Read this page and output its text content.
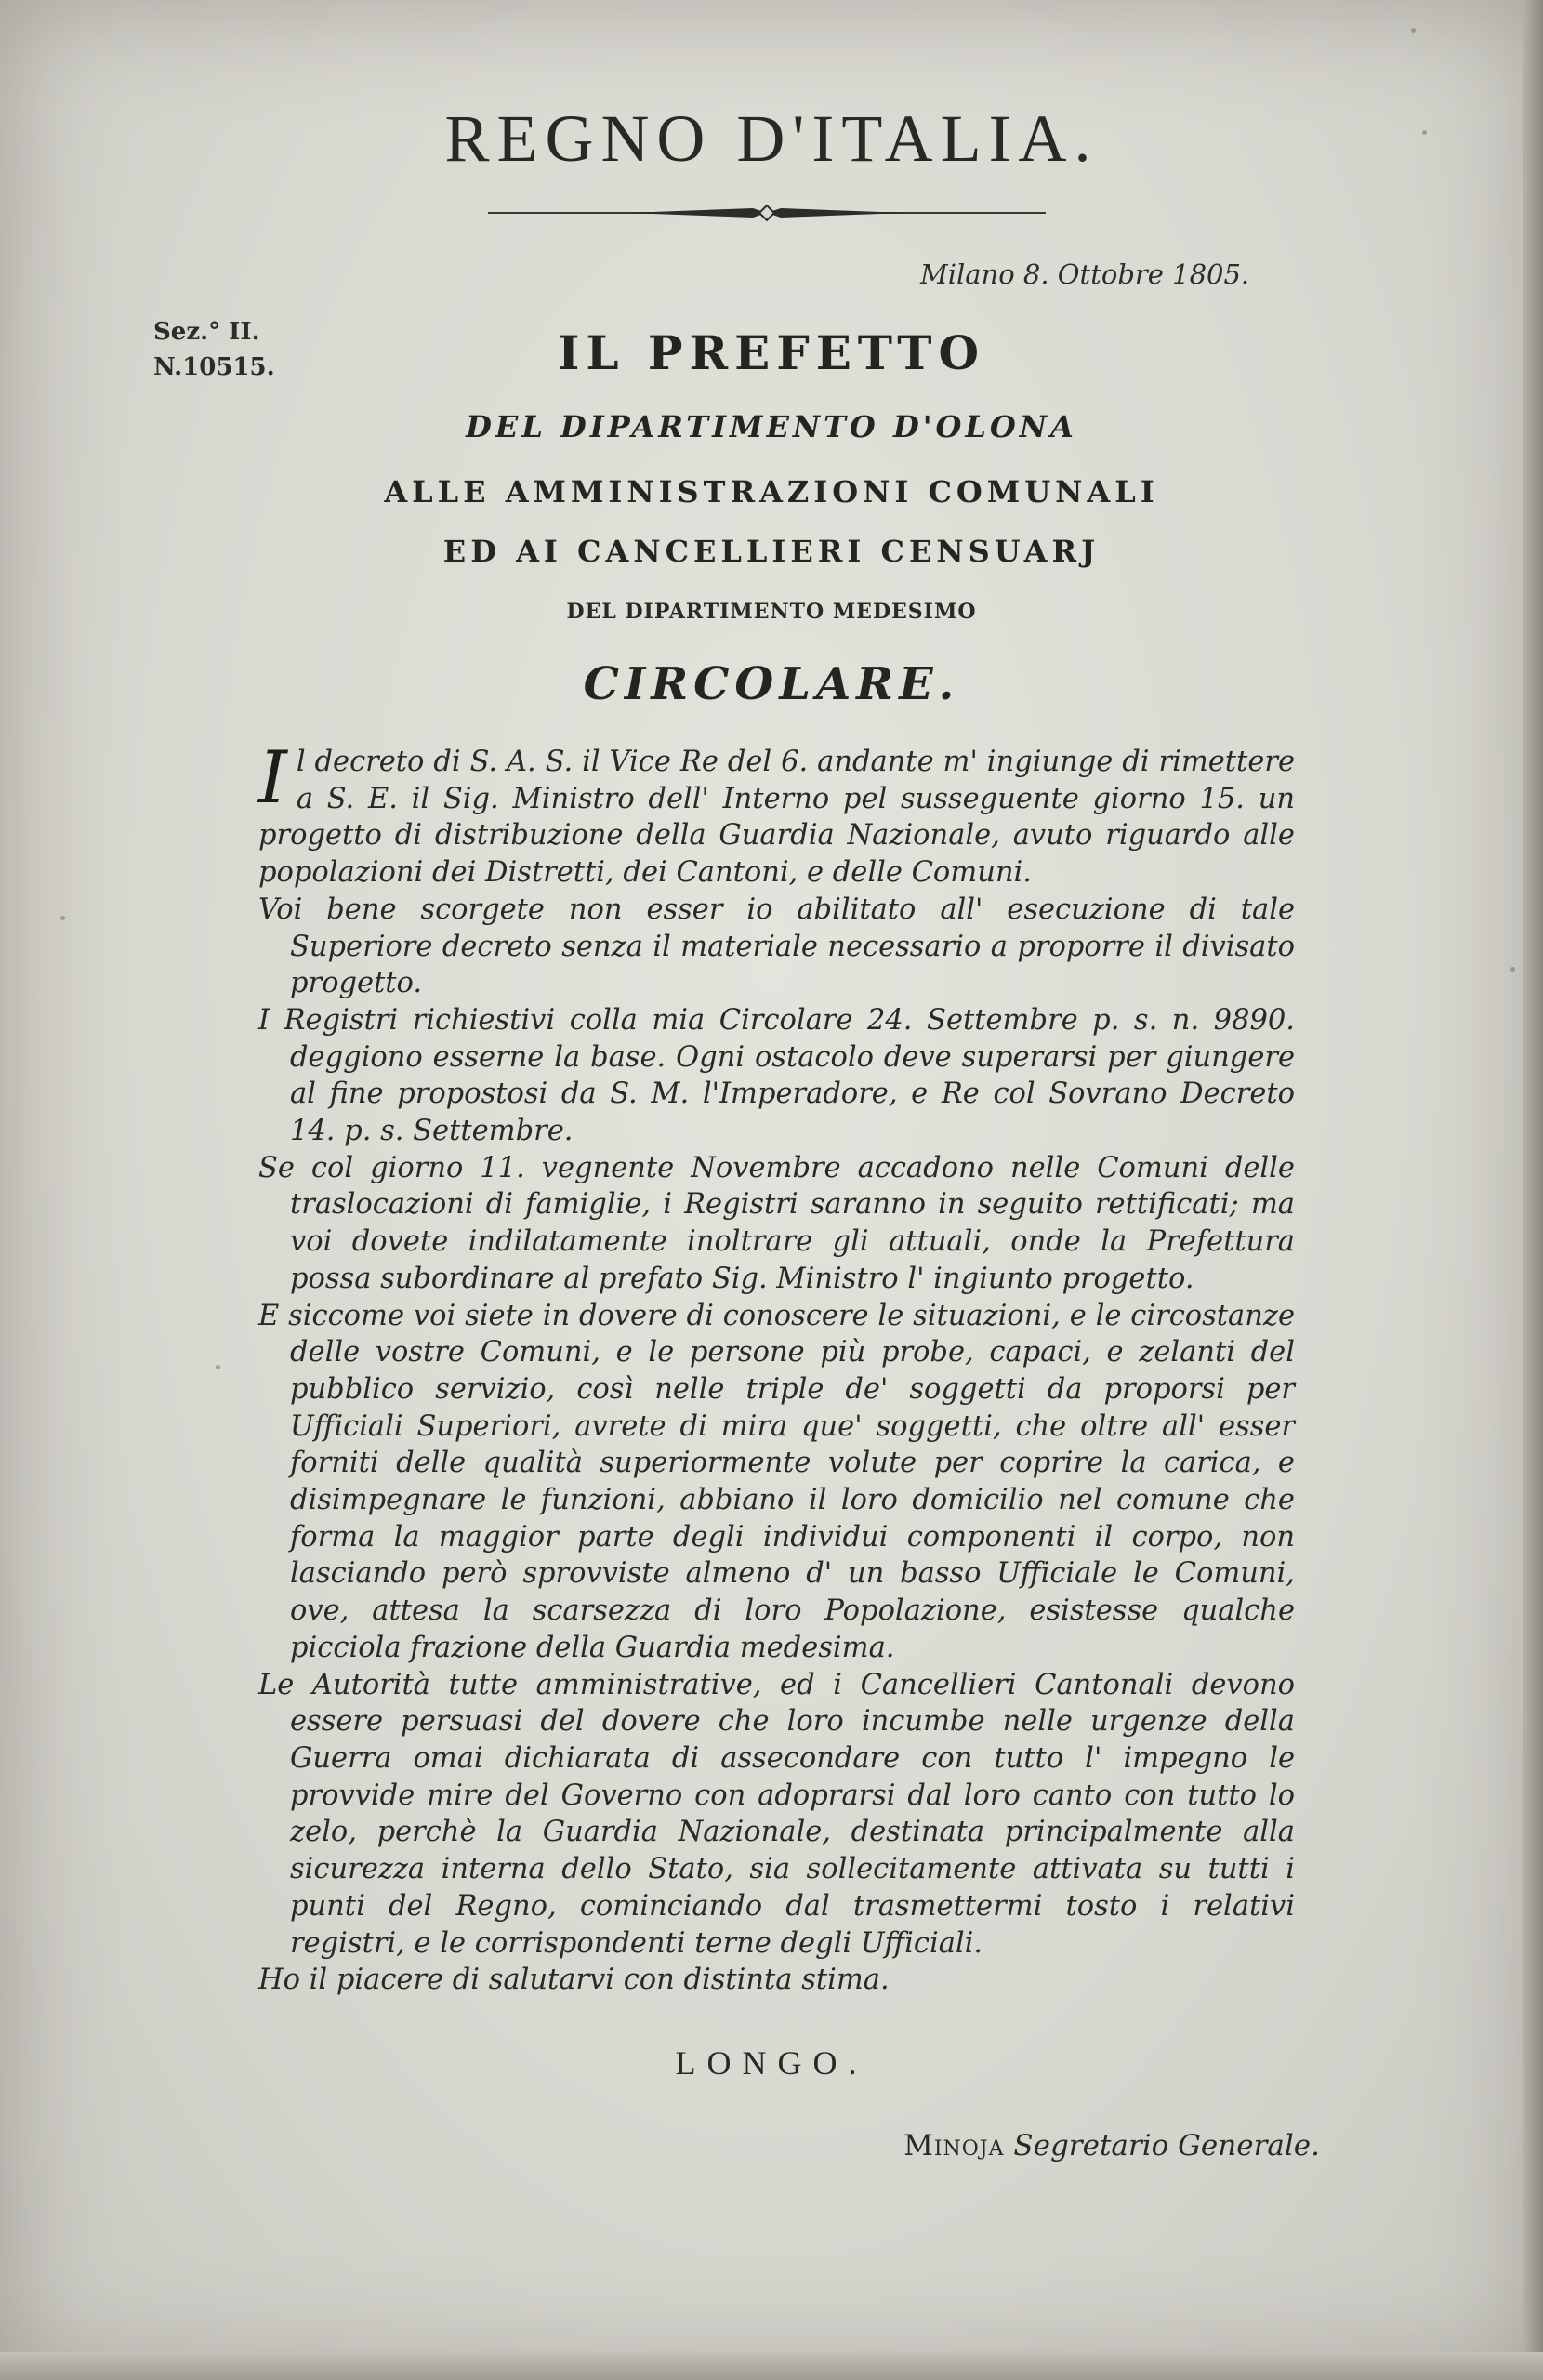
REGNO D'ITALIA.
Milano 8. Ottobre 1805.
Sez.° II.
N.10515.	IL PREFETTO
DEL DIPARTIMENTO D'OLONA
ALLE AMMINISTRAZIONI COMUNALI
ED AI CANCELLIERI CENSUARJ
DEL DIPARTIMENTO MEDESIMO
CIRCOLARE.

Il decreto di S. A. S. il Vice Re del 6. andante m' ingiunge di rimettere a S. E. il Sig. Ministro dell' Interno pel susseguente giorno 15. un progetto di distribuzione della Guardia Nazionale, avuto riguardo alle popolazioni dei Distretti, dei Cantoni, e delle Comuni.

Voi bene scorgete non esser io abilitato all' esecuzione di tale Superiore decreto senza il materiale necessario a proporre il divisato progetto.

I Registri richiestivi colla mia Circolare 24. Settembre p. s. n. 9890. deggiono esserne la base. Ogni ostacolo deve superarsi per giungere al fine propostosi da S. M. l'Imperadore, e Re col Sovrano Decreto 14. p. s. Settembre.

Se col giorno 11. vegnente Novembre accadono nelle Comuni delle traslocazioni di famiglie, i Registri saranno in seguito rettificati; ma voi dovete indilatamente inoltrare gli attuali, onde la Prefettura possa subordinare al prefato Sig. Ministro l' ingiunto progetto.

E siccome voi siete in dovere di conoscere le situazioni, e le circostanze delle vostre Comuni, e le persone più probe, capaci, e zelanti del pubblico servizio, così nelle triple de' soggetti da proporsi per Ufficiali Superiori, avrete di mira que' soggetti, che oltre all' esser forniti delle qualità superiormente volute per coprire la carica, e disimpegnare le funzioni, abbiano il loro domicilio nel comune che forma la maggior parte degli individui componenti il corpo, non lasciando però sprovviste almeno d' un basso Ufficiale le Comuni, ove, attesa la scarsezza di loro Popolazione, esistesse qualche picciola frazione della Guardia medesima.

Le Autorità tutte amministrative, ed i Cancellieri Cantonali devono essere persuasi del dovere che loro incumbe nelle urgenze della Guerra omai dichiarata di assecondare con tutto l' impegno le provvide mire del Governo con adoprarsi dal loro canto con tutto lo zelo, perchè la Guardia Nazionale, destinata principalmente alla sicurezza interna dello Stato, sia sollecitamente attivata su tutti i punti del Regno, cominciando dal trasmettermi tosto i relativi registri, e le corrispondenti terne degli Ufficiali.

Ho il piacere di salutarvi con distinta stima.

LONGO.
Minoja Segretario Generale.
